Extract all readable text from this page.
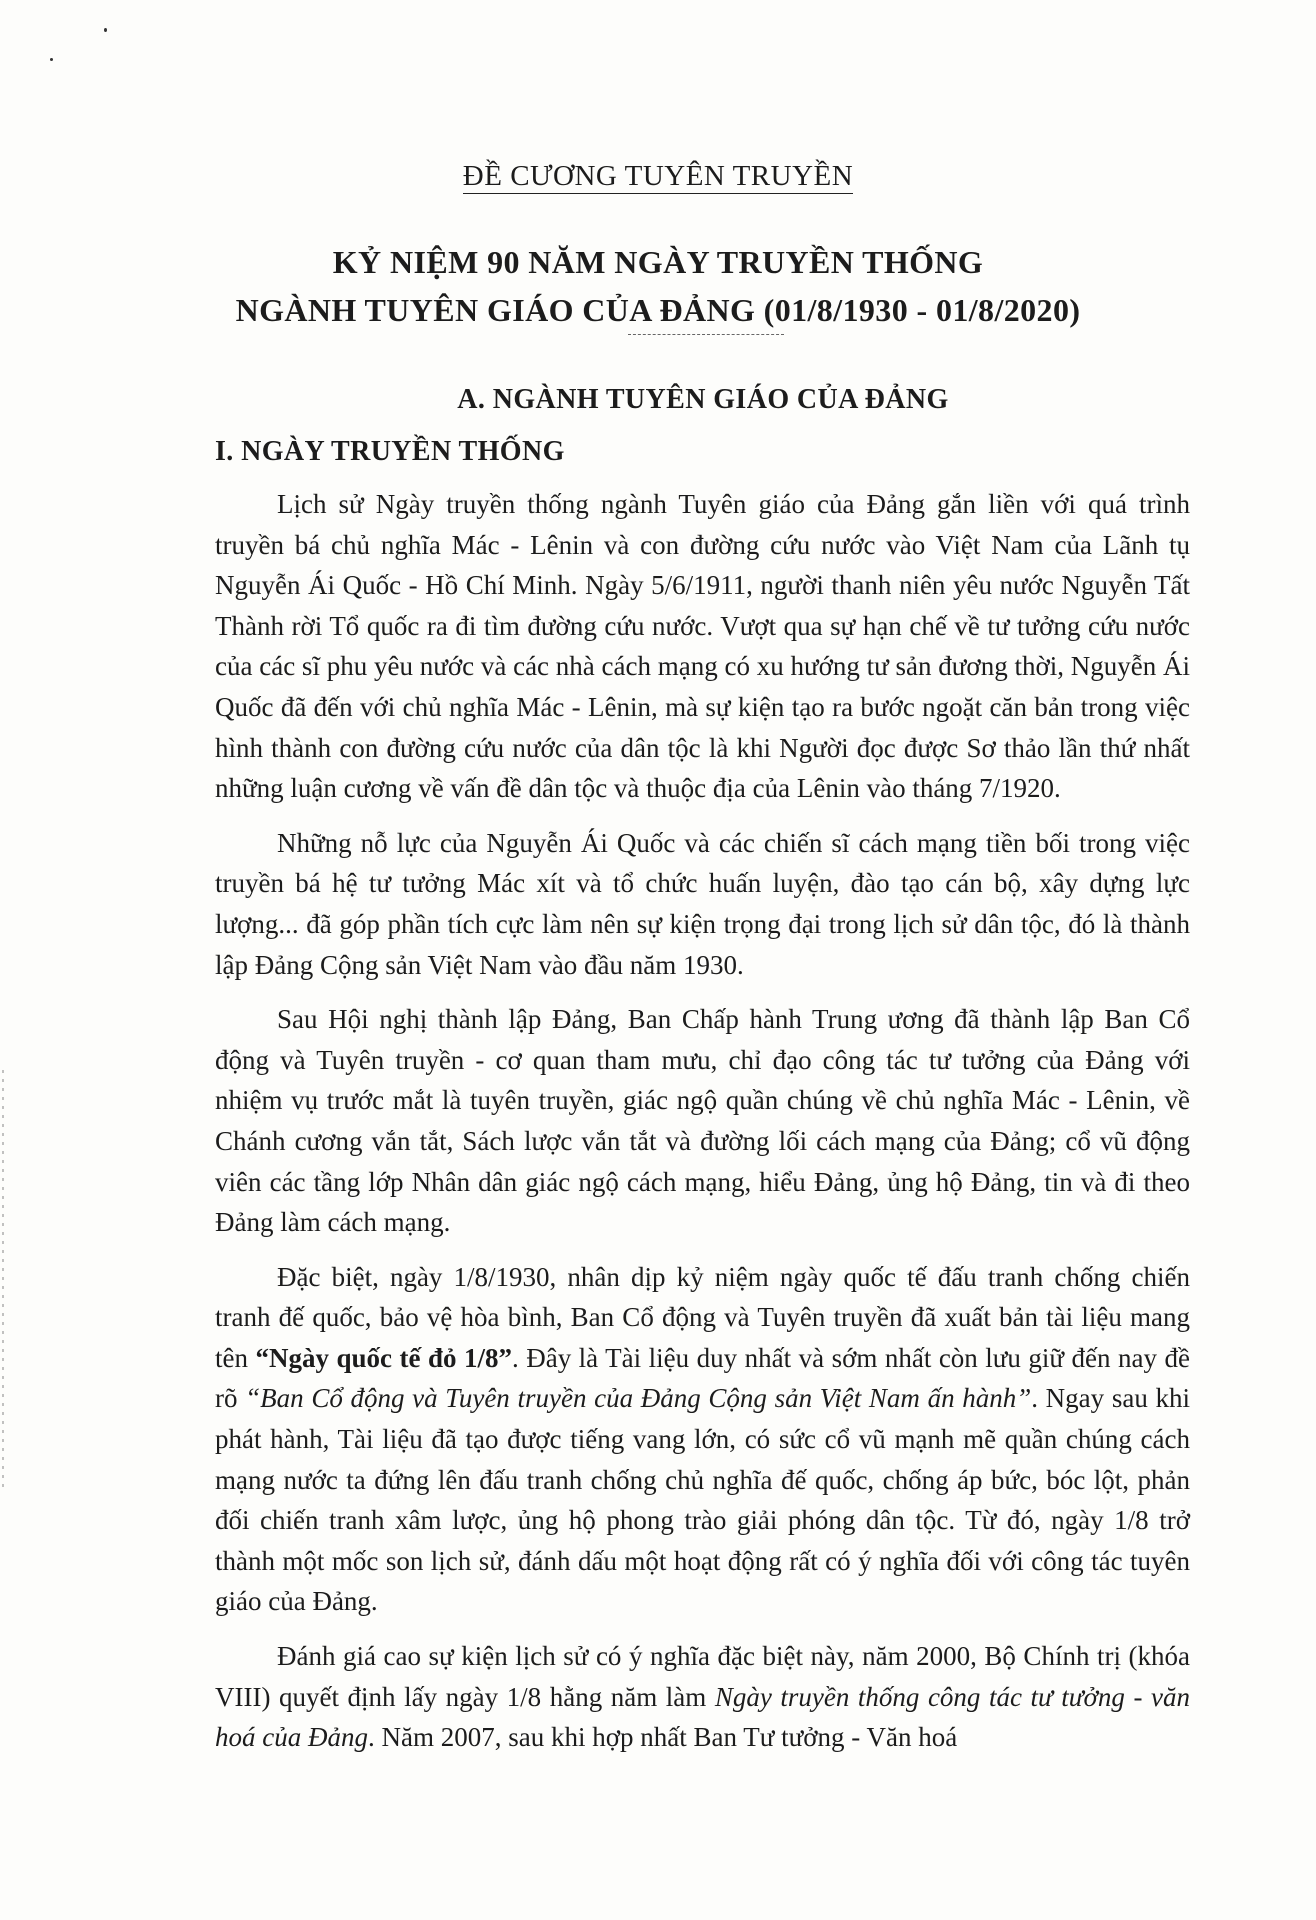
ĐỀ CƯƠNG TUYÊN TRUYỀN
KỶ NIỆM 90 NĂM NGÀY TRUYỀN THỐNG
NGÀNH TUYÊN GIÁO CỦA ĐẢNG (01/8/1930 - 01/8/2020)
A. NGÀNH TUYÊN GIÁO CỦA ĐẢNG
I. NGÀY TRUYỀN THỐNG

Lịch sử Ngày truyền thống ngành Tuyên giáo của Đảng gắn liền với quá trình truyền bá chủ nghĩa Mác - Lênin và con đường cứu nước vào Việt Nam của Lãnh tụ Nguyễn Ái Quốc - Hồ Chí Minh. Ngày 5/6/1911, người thanh niên yêu nước Nguyễn Tất Thành rời Tổ quốc ra đi tìm đường cứu nước. Vượt qua sự hạn chế về tư tưởng cứu nước của các sĩ phu yêu nước và các nhà cách mạng có xu hướng tư sản đương thời, Nguyễn Ái Quốc đã đến với chủ nghĩa Mác - Lênin, mà sự kiện tạo ra bước ngoặt căn bản trong việc hình thành con đường cứu nước của dân tộc là khi Người đọc được Sơ thảo lần thứ nhất những luận cương về vấn đề dân tộc và thuộc địa của Lênin vào tháng 7/1920.

Những nỗ lực của Nguyễn Ái Quốc và các chiến sĩ cách mạng tiền bối trong việc truyền bá hệ tư tưởng Mác xít và tổ chức huấn luyện, đào tạo cán bộ, xây dựng lực lượng... đã góp phần tích cực làm nên sự kiện trọng đại trong lịch sử dân tộc, đó là thành lập Đảng Cộng sản Việt Nam vào đầu năm 1930.

Sau Hội nghị thành lập Đảng, Ban Chấp hành Trung ương đã thành lập Ban Cổ động và Tuyên truyền - cơ quan tham mưu, chỉ đạo công tác tư tưởng của Đảng với nhiệm vụ trước mắt là tuyên truyền, giác ngộ quần chúng về chủ nghĩa Mác - Lênin, về Chánh cương vắn tắt, Sách lược vắn tắt và đường lối cách mạng của Đảng; cổ vũ động viên các tầng lớp Nhân dân giác ngộ cách mạng, hiểu Đảng, ủng hộ Đảng, tin và đi theo Đảng làm cách mạng.

Đặc biệt, ngày 1/8/1930, nhân dịp kỷ niệm ngày quốc tế đấu tranh chống chiến tranh đế quốc, bảo vệ hòa bình, Ban Cổ động và Tuyên truyền đã xuất bản tài liệu mang tên “Ngày quốc tế đỏ 1/8”. Đây là Tài liệu duy nhất và sớm nhất còn lưu giữ đến nay đề rõ “Ban Cổ động và Tuyên truyền của Đảng Cộng sản Việt Nam ấn hành”. Ngay sau khi phát hành, Tài liệu đã tạo được tiếng vang lớn, có sức cổ vũ mạnh mẽ quần chúng cách mạng nước ta đứng lên đấu tranh chống chủ nghĩa đế quốc, chống áp bức, bóc lột, phản đối chiến tranh xâm lược, ủng hộ phong trào giải phóng dân tộc. Từ đó, ngày 1/8 trở thành một mốc son lịch sử, đánh dấu một hoạt động rất có ý nghĩa đối với công tác tuyên giáo của Đảng.

Đánh giá cao sự kiện lịch sử có ý nghĩa đặc biệt này, năm 2000, Bộ Chính trị (khóa VIII) quyết định lấy ngày 1/8 hằng năm làm Ngày truyền thống công tác tư tưởng - văn hoá của Đảng. Năm 2007, sau khi hợp nhất Ban Tư tưởng - Văn hoá
